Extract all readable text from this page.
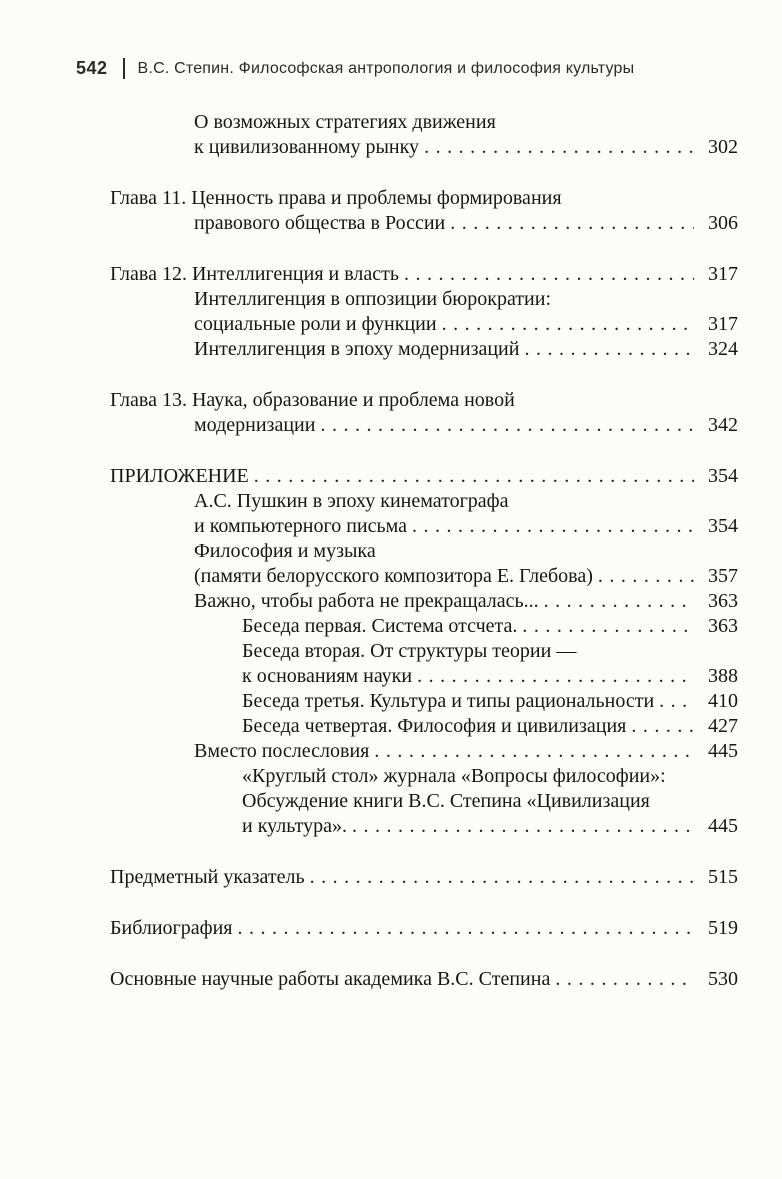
542 В.С. Степин. Философская антропология и философия культуры
О возможных стратегиях движения
к цивилизованному рынку .....	302
Глава 11. Ценность права и проблемы формирования
правового общества в России .....	306
Глава 12. Интеллигенция и власть .....	317
Интеллигенция в оппозиции бюрократии:
социальные роли и функции .....	317
Интеллигенция в эпоху модернизаций .....	324
Глава 13. Наука, образование и проблема новой
модернизации .....	342
ПРИЛОЖЕНИЕ .....	354
А.С. Пушкин в эпоху кинематографа
и компьютерного письма .....	354
Философия и музыка
(памяти белорусского композитора Е. Глебова) .....	357
Важно, чтобы работа не прекращалась... .....	363
Беседа первая. Система отсчета. .....	363
Беседа вторая. От структуры теории —
к основаниям науки .....	388
Беседа третья. Культура и типы рациональности .....	410
Беседа четвертая. Философия и цивилизация .....	427
Вместо послесловия .....	445
«Круглый стол» журнала «Вопросы философии»:
Обсуждение книги В.С. Степина «Цивилизация
и культура». .....	445
Предметный указатель .....	515
Библиография .....	519
Основные научные работы академика В.С. Степина .....	530
